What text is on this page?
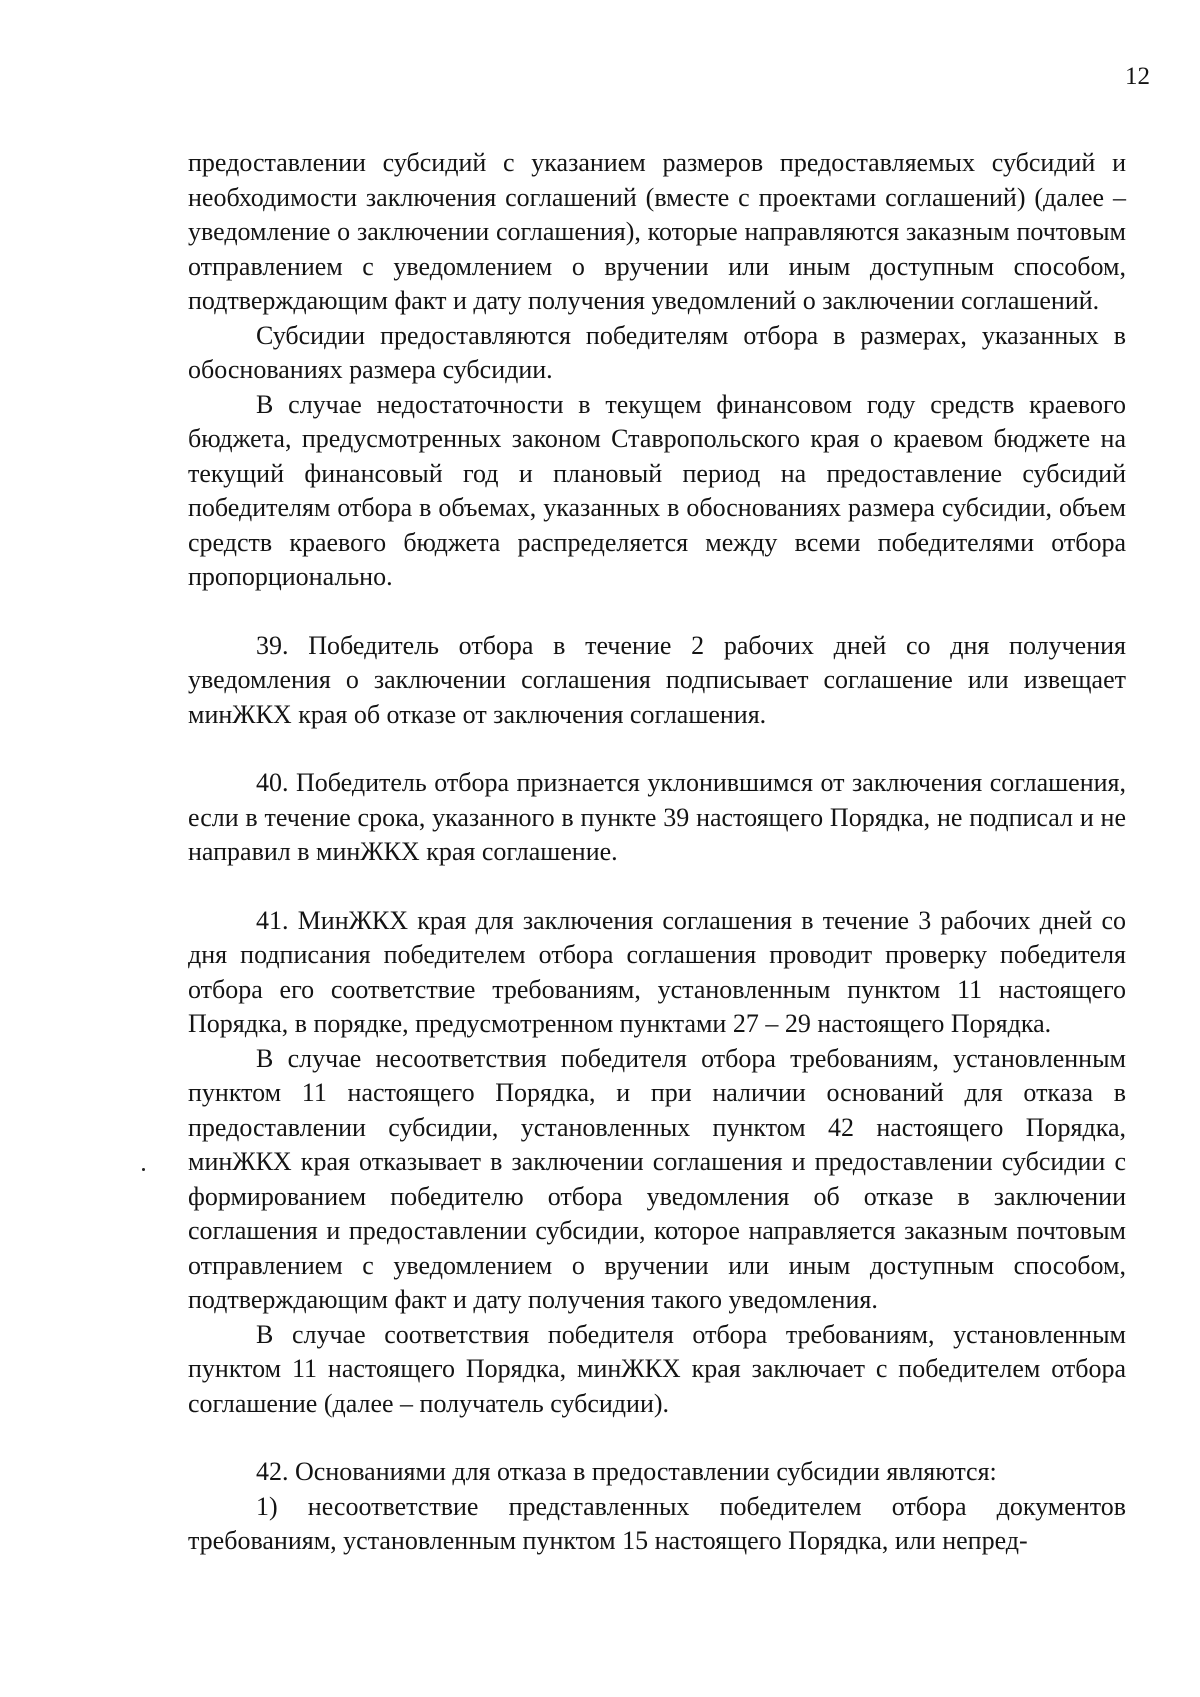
12

предоставлении субсидий с указанием размеров предоставляемых субсидий и необходимости заключения соглашений (вместе с проектами соглашений) (далее – уведомление о заключении соглашения), которые направляются заказным почтовым отправлением с уведомлением о вручении или иным доступным способом, подтверждающим факт и дату получения уведомлений о заключении соглашений.

Субсидии предоставляются победителям отбора в размерах, указанных в обоснованиях размера субсидии.

В случае недостаточности в текущем финансовом году средств краевого бюджета, предусмотренных законом Ставропольского края о краевом бюджете на текущий финансовый год и плановый период на предоставление субсидий победителям отбора в объемах, указанных в обоснованиях размера субсидии, объем средств краевого бюджета распределяется между всеми победителями отбора пропорционально.

39. Победитель отбора в течение 2 рабочих дней со дня получения уведомления о заключении соглашения подписывает соглашение или извещает минЖКХ края об отказе от заключения соглашения.

40. Победитель отбора признается уклонившимся от заключения соглашения, если в течение срока, указанного в пункте 39 настоящего Порядка, не подписал и не направил в минЖКХ края соглашение.

41. МинЖКХ края для заключения соглашения в течение 3 рабочих дней со дня подписания победителем отбора соглашения проводит проверку победителя отбора его соответствие требованиям, установленным пунктом 11 настоящего Порядка, в порядке, предусмотренном пунктами 27 – 29 настоящего Порядка.

В случае несоответствия победителя отбора требованиям, установленным пунктом 11 настоящего Порядка, и при наличии оснований для отказа в предоставлении субсидии, установленных пунктом 42 настоящего Порядка, минЖКХ края отказывает в заключении соглашения и предоставлении субсидии с формированием победителю отбора уведомления об отказе в заключении соглашения и предоставлении субсидии, которое направляется заказным почтовым отправлением с уведомлением о вручении или иным доступным способом, подтверждающим факт и дату получения такого уведомления.

В случае соответствия победителя отбора требованиям, установленным пунктом 11 настоящего Порядка, минЖКХ края заключает с победителем отбора соглашение (далее – получатель субсидии).

42. Основаниями для отказа в предоставлении субсидии являются:

1) несоответствие представленных победителем отбора документов требованиям, установленным пунктом 15 настоящего Порядка, или непред-
